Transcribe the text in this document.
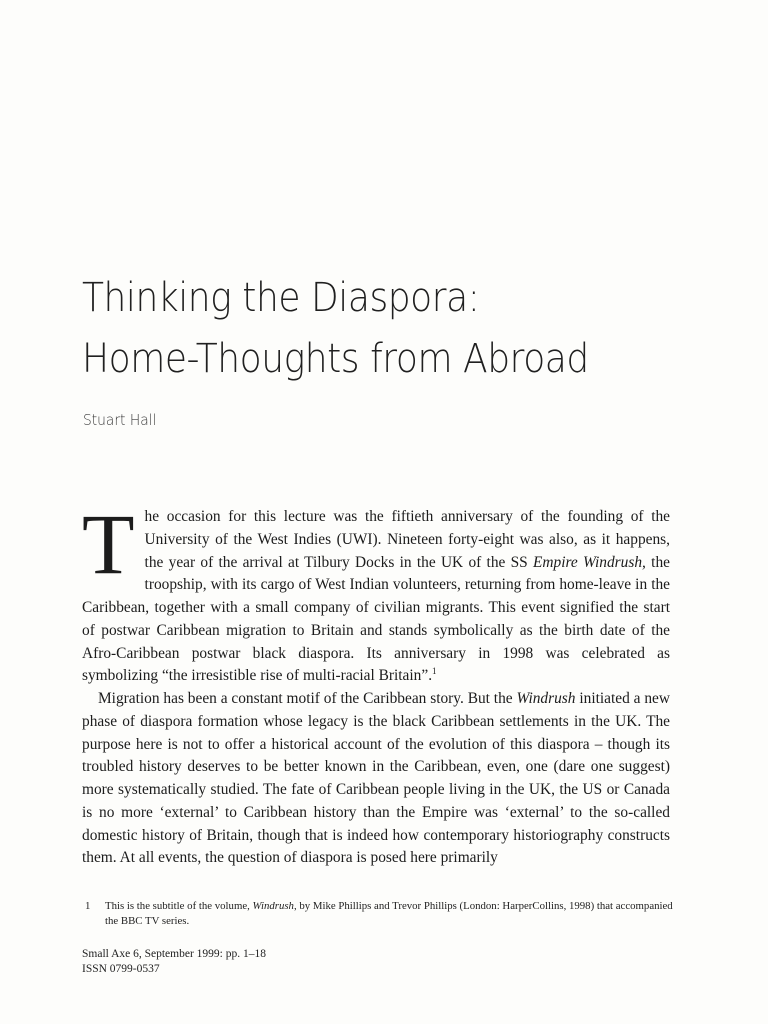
Thinking the Diaspora:
Home-Thoughts from Abroad
Stuart Hall

T he occasion for this lecture was the fiftieth anniversary of the founding of the
University of the West Indies (UWI). Nineteen forty-eight was also, as it happens,
the year of the arrival at Tilbury Docks in the UK of the SS Empire Windrush, the
troopship, with its cargo of West Indian volunteers, returning from home-leave in the
Caribbean, together with a small company of civilian migrants. This event signified the start
of postwar Caribbean migration to Britain and stands symbolically as the birth date of the
Afro-Caribbean postwar black diaspora. Its anniversary in 1998 was celebrated as
symbolizing “the irresistible rise of multi-racial Britain”.$^1$

Migration has been a constant motif of the Caribbean story. But the Windrush initiated a new phase of diaspora formation whose legacy is the black Caribbean settlements in the UK. The purpose here is not to offer a historical account of the evolution of this diaspora – though its troubled history deserves to be better known in the Caribbean, even, one (dare one suggest) more systematically studied. The fate of Caribbean people living in the UK, the US or Canada is no more ‘external’ to Caribbean history than the Empire was ‘external’ to the so-called domestic history of Britain, though that is indeed how contemporary historiography constructs them. At all events, the question of diaspora is posed here primarily

1 This is the subtitle of the volume, Windrush, by Mike Phillips and Trevor Phillips (London: HarperCollins, 1998) that accompanied the BBC TV series.
Small Axe 6, September 1999: pp. 1–18
ISSN 0799-0537
